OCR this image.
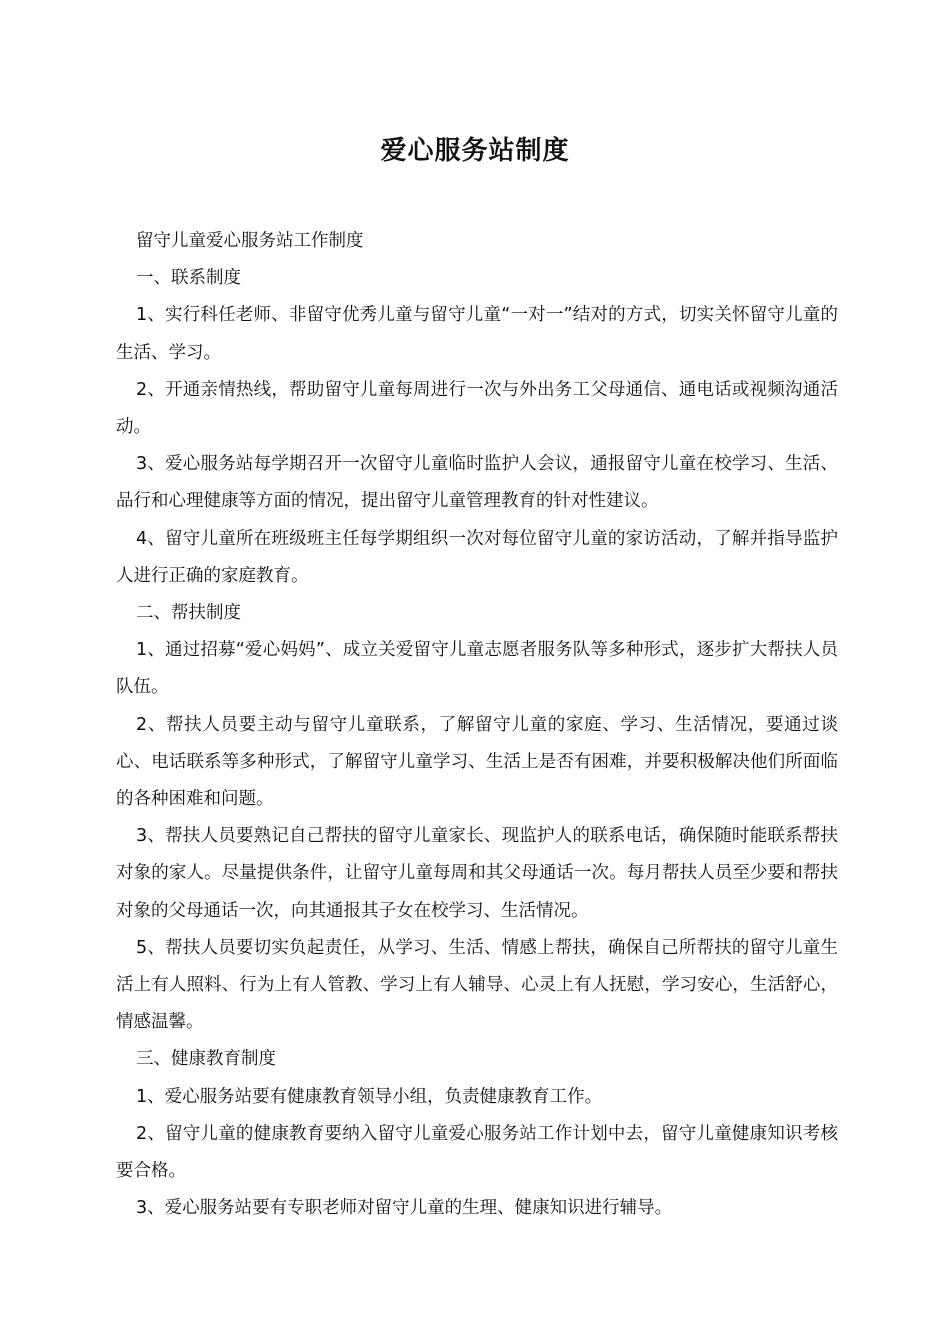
爱心服务站制度

留守儿童爱心服务站工作制度

一、联系制度

1、实行科任老师、非留守优秀儿童与留守儿童“一对一”结对的方式，切实关怀留守儿童的生活、学习。

2、开通亲情热线，帮助留守儿童每周进行一次与外出务工父母通信、通电话或视频沟通活动。

3、爱心服务站每学期召开一次留守儿童临时监护人会议，通报留守儿童在校学习、生活、品行和心理健康等方面的情况，提出留守儿童管理教育的针对性建议。

4、留守儿童所在班级班主任每学期组织一次对每位留守儿童的家访活动，了解并指导监护人进行正确的家庭教育。

二、帮扶制度

1、通过招募“爱心妈妈”、成立关爱留守儿童志愿者服务队等多种形式，逐步扩大帮扶人员队伍。

2、帮扶人员要主动与留守儿童联系，了解留守儿童的家庭、学习、生活情况，要通过谈心、电话联系等多种形式，了解留守儿童学习、生活上是否有困难，并要积极解决他们所面临的各种困难和问题。

3、帮扶人员要熟记自己帮扶的留守儿童家长、现监护人的联系电话，确保随时能联系帮扶对象的家人。尽量提供条件，让留守儿童每周和其父母通话一次。每月帮扶人员至少要和帮扶对象的父母通话一次，向其通报其子女在校学习、生活情况。

5、帮扶人员要切实负起责任，从学习、生活、情感上帮扶，确保自己所帮扶的留守儿童生活上有人照料、行为上有人管教、学习上有人辅导、心灵上有人抚慰，学习安心，生活舒心，情感温馨。

三、健康教育制度

1、爱心服务站要有健康教育领导小组，负责健康教育工作。

2、留守儿童的健康教育要纳入留守儿童爱心服务站工作计划中去，留守儿童健康知识考核要合格。

3、爱心服务站要有专职老师对留守儿童的生理、健康知识进行辅导。
